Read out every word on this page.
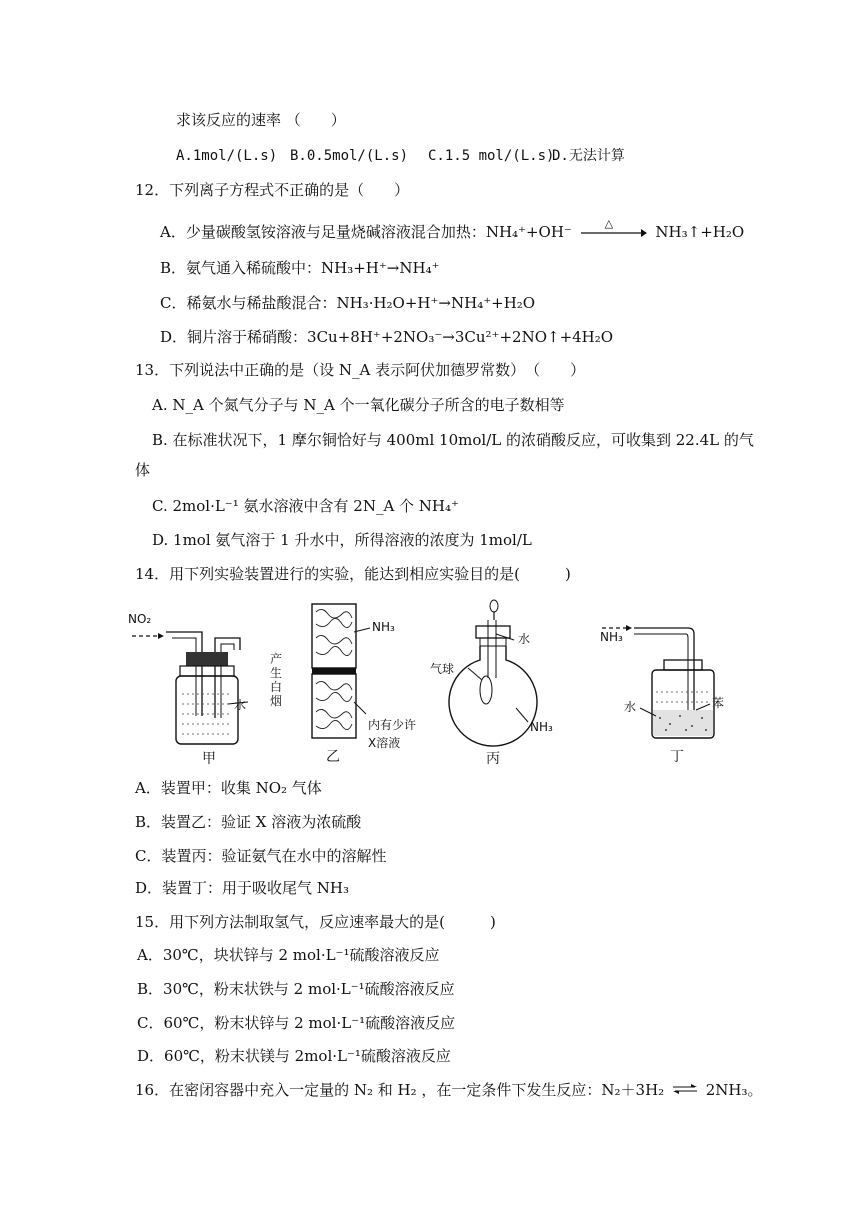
求该反应的速率 （　　）
A.1mol/(L.s) B.0.5mol/(L.s) C.1.5 mol/(L.s)
D.无法计算
12．下列离子方程式不正确的是（　　）
A．少量碳酸氢铵溶液与足量烧碱溶液混合加热：NH₄⁺+OH⁻	△	NH₃↑+H₂O
B．氨气通入稀硫酸中：NH₃+H⁺→NH₄⁺
C．稀氨水与稀盐酸混合：NH₃·H₂O+H⁺→NH₄⁺+H₂O
D．铜片溶于稀硝酸：3Cu+8H⁺+2NO₃⁻→3Cu²⁺+2NO↑+4H₂O
13．下列说法中正确的是（设 N_A 表示阿伏加德罗常数）　（　　）
A. N_A 个氮气分子与 N_A 个一氧化碳分子所含的电子数相等
B. 在标准状况下，1 摩尔铜恰好与 400ml 10mol/L 的浓硝酸反应，可收集到 22.4L 的气
体
C. 2mol·L⁻¹ 氨水溶液中含有 2N_A 个 NH₄⁺
D. 1mol 氨气溶于 1 升水中，所得溶液的浓度为 1mol/L
14．用下列实验装置进行的实验，能达到相应实验目的是(　　　)
NO₂
水
甲
NH₃
产
生
白
烟
内有少许
X溶液
乙
水
气球
NH₃
丙
NH₃
水	苯
丁
A．装置甲：收集 NO₂ 气体
B．装置乙：验证 X 溶液为浓硫酸
C．装置丙：验证氨气在水中的溶解性
D．装置丁：用于吸收尾气 NH₃
15．用下列方法制取氢气，反应速率最大的是(　　　)
A．30℃，块状锌与 2 mol·L⁻¹硫酸溶液反应
B．30℃，粉末状铁与 2 mol·L⁻¹硫酸溶液反应
C．60℃，粉末状锌与 2 mol·L⁻¹硫酸溶液反应
D．60℃，粉末状镁与 2mol·L⁻¹硫酸溶液反应
16．在密闭容器中充入一定量的 N₂ 和 H₂ ，在一定条件下发生反应：N₂＋3H₂ ⇌ 2NH₃。
